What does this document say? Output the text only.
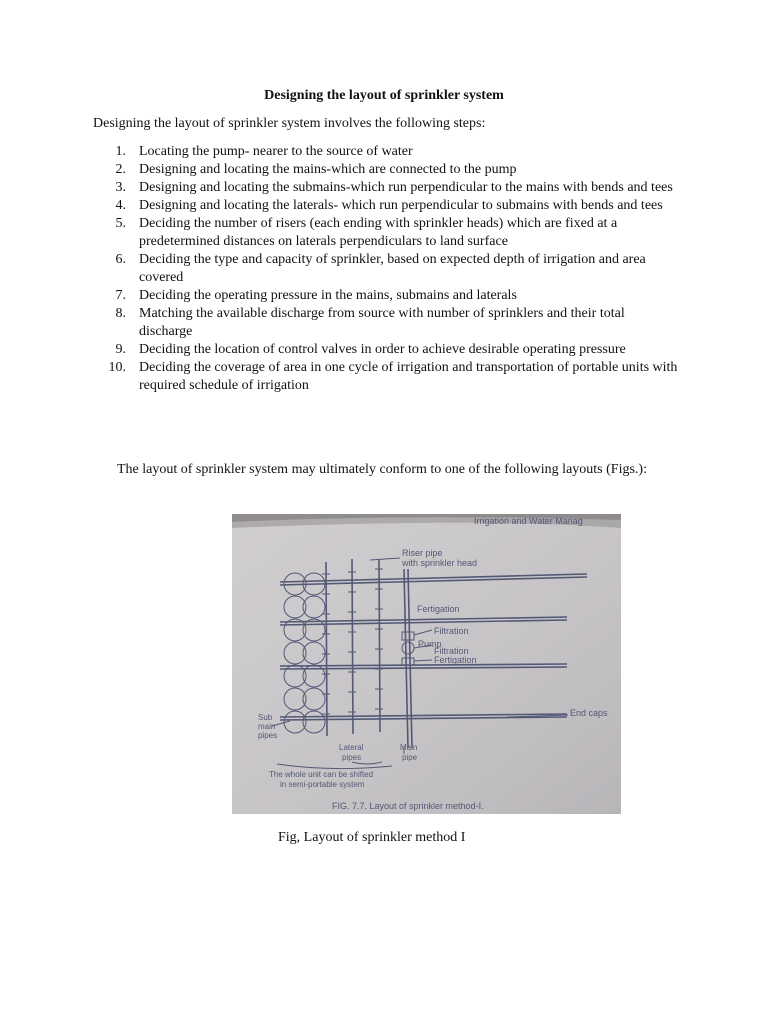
Designing the layout of sprinkler system
Designing the layout of sprinkler system involves the following steps:
1. Locating the pump- nearer to the source of water
2. Designing and locating the mains-which are connected to the pump
3. Designing and locating the submains-which run perpendicular to the mains with bends and tees
4. Designing and locating the laterals- which run perpendicular to submains with bends and tees
5. Deciding the number of risers (each ending with sprinkler heads) which are fixed at a predetermined distances on laterals perpendiculars to land surface
6. Deciding the type and capacity of sprinkler, based on expected depth of irrigation and area covered
7. Deciding the operating pressure in the mains, submains and laterals
8. Matching the available discharge from source with number of sprinklers and their total discharge
9. Deciding the location of control valves in order to achieve desirable operating pressure
10. Deciding the coverage of area in one cycle of irrigation and transportation of portable units with required schedule of irrigation

The layout of sprinkler system may ultimately conform to one of the following layouts (Figs.):

Irrigation and Water Manag
Riser pipe
with sprinkler head
Fertigation
Filtration
Pump
Filtration
Fertigation
End caps
Sub
main
pipes
Lateral
pipes
Main
pipe
The whole unit can be shifted
in semi-portable system
FIG. 7.7. Layout of sprinkler method-I.
Fig, Layout of sprinkler method I
